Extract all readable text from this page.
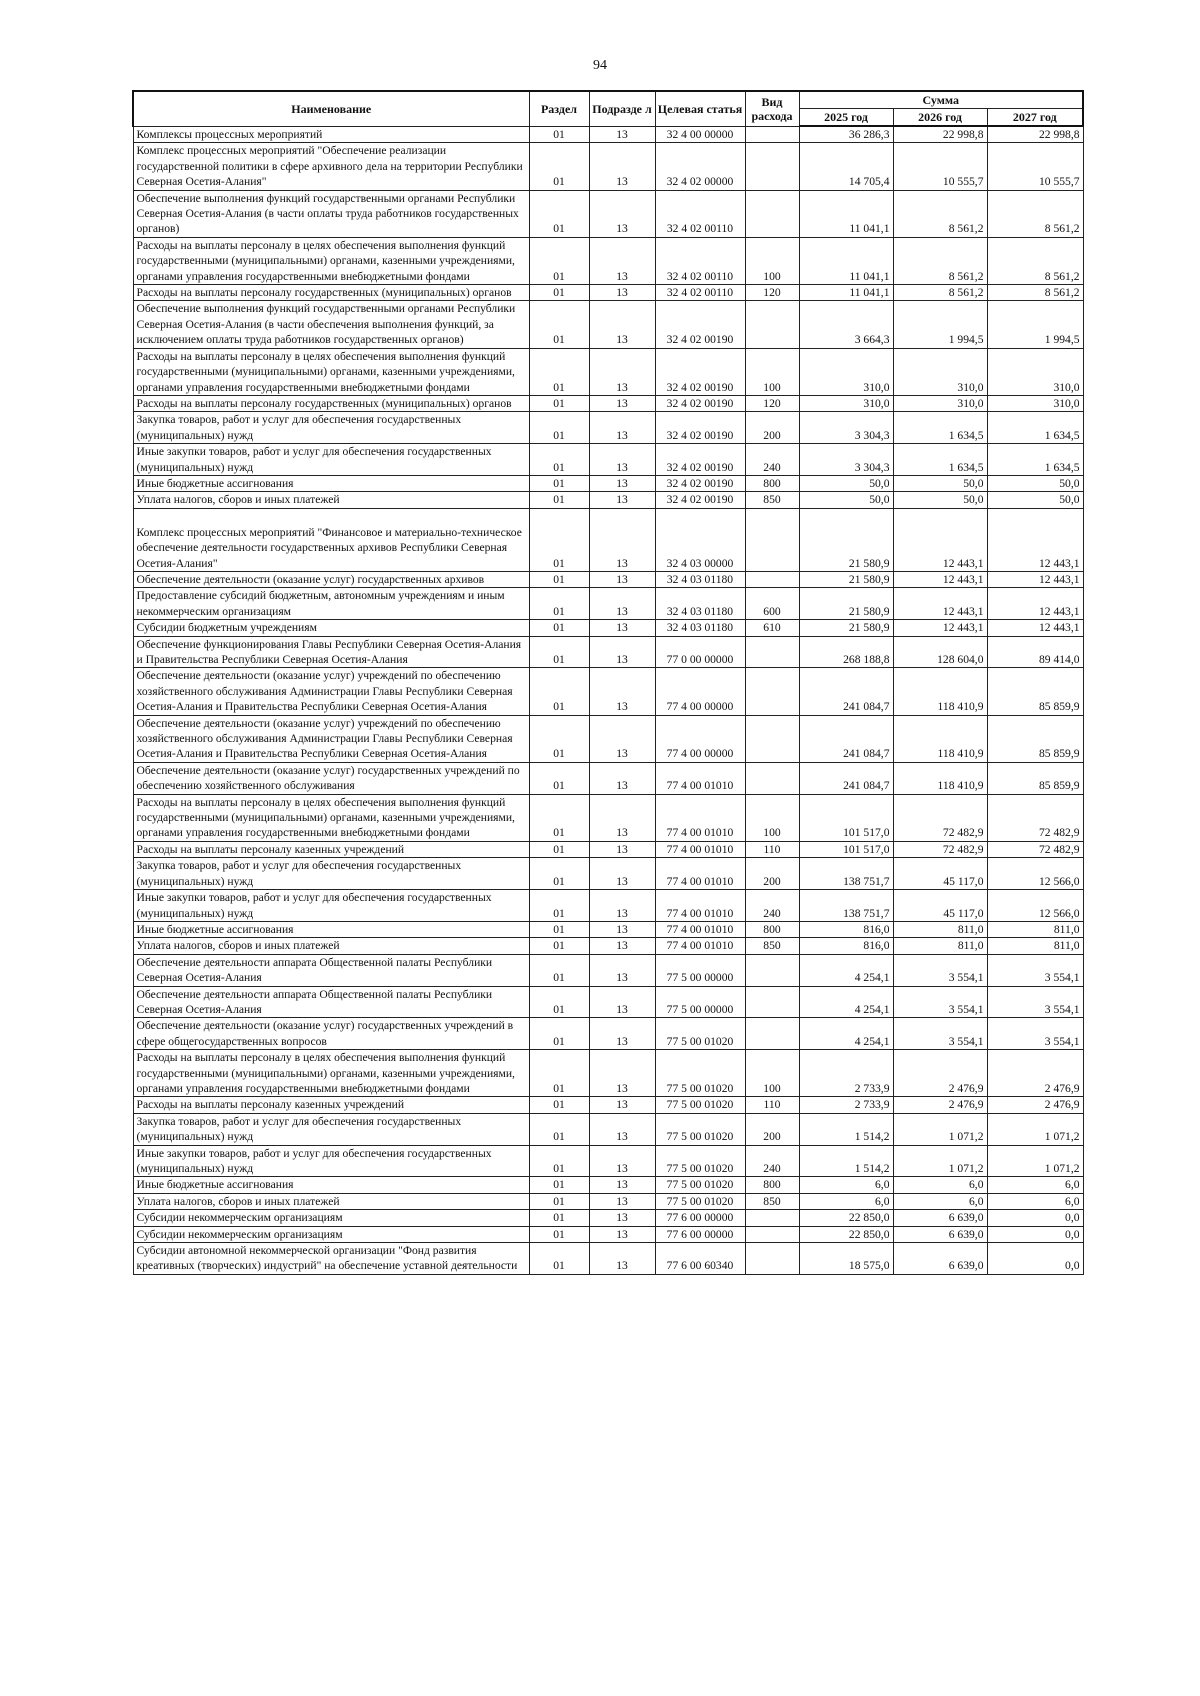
94
Наименование	Раздел	Подразде л	Целевая статья	Вид расхода	Сумма		
					2025 год	2026 год	2027 год
Комплексы процессных мероприятий	01	13	32 4 00 00000		36 286,3	22 998,8	22 998,8
Комплекс процессных мероприятий "Обеспечение реализации государственной политики в сфере архивного дела на территории Республики Северная Осетия-Алания"	01	13	32 4 02 00000		14 705,4	10 555,7	10 555,7
Обеспечение выполнения функций государственными органами Республики Северная Осетия-Алания (в части оплаты труда работников государственных органов)	01	13	32 4 02 00110		11 041,1	8 561,2	8 561,2
Расходы на выплаты персоналу в целях обеспечения выполнения функций государственными (муниципальными) органами, казенными учреждениями, органами управления государственными внебюджетными фондами	01	13	32 4 02 00110	100	11 041,1	8 561,2	8 561,2
Расходы на выплаты персоналу государственных (муниципальных) органов	01	13	32 4 02 00110	120	11 041,1	8 561,2	8 561,2
Обеспечение выполнения функций государственными органами Республики Северная Осетия-Алания (в части обеспечения выполнения функций, за исключением оплаты труда работников государственных органов)	01	13	32 4 02 00190		3 664,3	1 994,5	1 994,5
Расходы на выплаты персоналу в целях обеспечения выполнения функций государственными (муниципальными) органами, казенными учреждениями, органами управления государственными внебюджетными фондами	01	13	32 4 02 00190	100	310,0	310,0	310,0
Расходы на выплаты персоналу государственных (муниципальных) органов	01	13	32 4 02 00190	120	310,0	310,0	310,0
Закупка товаров, работ и услуг для обеспечения государственных (муниципальных) нужд	01	13	32 4 02 00190	200	3 304,3	1 634,5	1 634,5
Иные закупки товаров, работ и услуг для обеспечения государственных (муниципальных) нужд	01	13	32 4 02 00190	240	3 304,3	1 634,5	1 634,5
Иные бюджетные ассигнования	01	13	32 4 02 00190	800	50,0	50,0	50,0
Уплата налогов, сборов и иных платежей	01	13	32 4 02 00190	850	50,0	50,0	50,0
Комплекс процессных мероприятий "Финансовое и материально-техническое обеспечение деятельности государственных архивов Республики Северная Осетия-Алания"	01	13	32 4 03 00000		21 580,9	12 443,1	12 443,1
Обеспечение деятельности (оказание услуг) государственных архивов	01	13	32 4 03 01180		21 580,9	12 443,1	12 443,1
Предоставление субсидий бюджетным, автономным учреждениям и иным некоммерческим организациям	01	13	32 4 03 01180	600	21 580,9	12 443,1	12 443,1
Субсидии бюджетным учреждениям	01	13	32 4 03 01180	610	21 580,9	12 443,1	12 443,1
Обеспечение функционирования Главы Республики Северная Осетия-Алания и Правительства Республики Северная Осетия-Алания	01	13	77 0 00 00000		268 188,8	128 604,0	89 414,0
Обеспечение деятельности (оказание услуг) учреждений по обеспечению хозяйственного обслуживания Администрации Главы Республики Северная Осетия-Алания и Правительства Республики Северная Осетия-Алания	01	13	77 4 00 00000		241 084,7	118 410,9	85 859,9
Обеспечение деятельности (оказание услуг) учреждений по обеспечению хозяйственного обслуживания Администрации Главы Республики Северная Осетия-Алания и Правительства Республики Северная Осетия-Алания	01	13	77 4 00 00000		241 084,7	118 410,9	85 859,9
Обеспечение деятельности (оказание услуг) государственных учреждений по обеспечению хозяйственного обслуживания	01	13	77 4 00 01010		241 084,7	118 410,9	85 859,9
Расходы на выплаты персоналу в целях обеспечения выполнения функций государственными (муниципальными) органами, казенными учреждениями, органами управления государственными внебюджетными фондами	01	13	77 4 00 01010	100	101 517,0	72 482,9	72 482,9
Расходы на выплаты персоналу казенных учреждений	01	13	77 4 00 01010	110	101 517,0	72 482,9	72 482,9
Закупка товаров, работ и услуг для обеспечения государственных (муниципальных) нужд	01	13	77 4 00 01010	200	138 751,7	45 117,0	12 566,0
Иные закупки товаров, работ и услуг для обеспечения государственных (муниципальных) нужд	01	13	77 4 00 01010	240	138 751,7	45 117,0	12 566,0
Иные бюджетные ассигнования	01	13	77 4 00 01010	800	816,0	811,0	811,0
Уплата налогов, сборов и иных платежей	01	13	77 4 00 01010	850	816,0	811,0	811,0
Обеспечение деятельности аппарата Общественной палаты Республики Северная Осетия-Алания	01	13	77 5 00 00000		4 254,1	3 554,1	3 554,1
Обеспечение деятельности аппарата Общественной палаты Республики Северная Осетия-Алания	01	13	77 5 00 00000		4 254,1	3 554,1	3 554,1
Обеспечение деятельности (оказание услуг) государственных учреждений в сфере общегосударственных вопросов	01	13	77 5 00 01020		4 254,1	3 554,1	3 554,1
Расходы на выплаты персоналу в целях обеспечения выполнения функций государственными (муниципальными) органами, казенными учреждениями, органами управления государственными внебюджетными фондами	01	13	77 5 00 01020	100	2 733,9	2 476,9	2 476,9
Расходы на выплаты персоналу казенных учреждений	01	13	77 5 00 01020	110	2 733,9	2 476,9	2 476,9
Закупка товаров, работ и услуг для обеспечения государственных (муниципальных) нужд	01	13	77 5 00 01020	200	1 514,2	1 071,2	1 071,2
Иные закупки товаров, работ и услуг для обеспечения государственных (муниципальных) нужд	01	13	77 5 00 01020	240	1 514,2	1 071,2	1 071,2
Иные бюджетные ассигнования	01	13	77 5 00 01020	800	6,0	6,0	6,0
Уплата налогов, сборов и иных платежей	01	13	77 5 00 01020	850	6,0	6,0	6,0
Субсидии некоммерческим организациям	01	13	77 6 00 00000		22 850,0	6 639,0	0,0
Субсидии некоммерческим организациям	01	13	77 6 00 00000		22 850,0	6 639,0	0,0
Субсидии автономной некоммерческой организации "Фонд развития креативных (творческих) индустрий" на обеспечение уставной деятельности	01	13	77 6 00 60340		18 575,0	6 639,0	0,0
